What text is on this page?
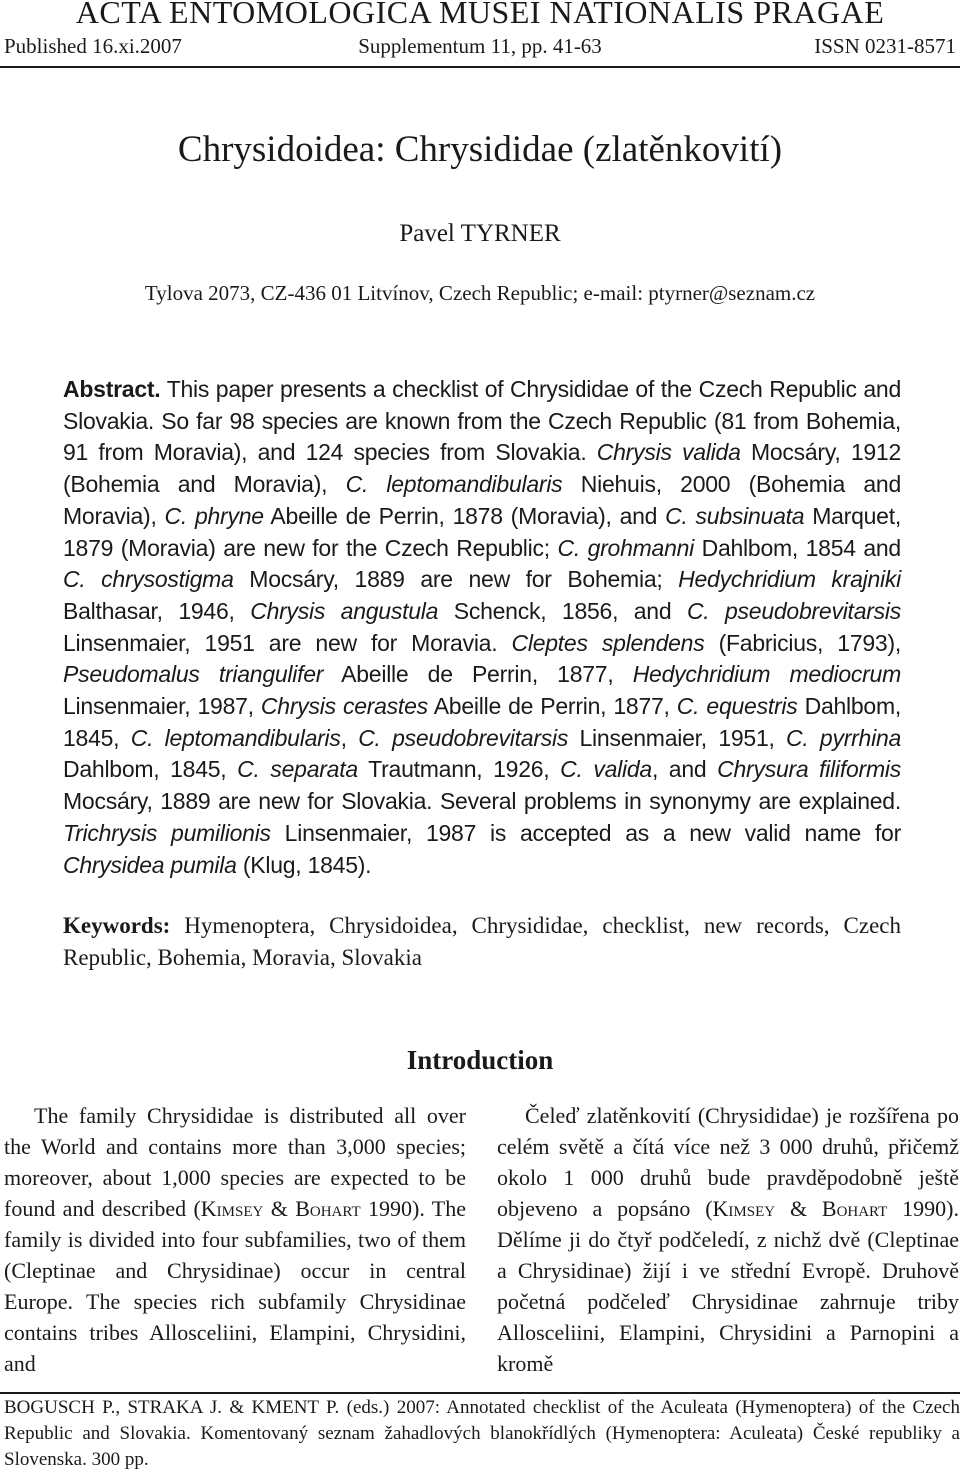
ACTA ENTOMOLOGICA MUSEI NATIONALIS PRAGAE
Published 16.xi.2007	Supplementum 11, pp. 41-63	ISSN 0231-8571
Chrysidoidea: Chrysididae (zlatěnkovití)
Pavel TYRNER
Tylova 2073, CZ-436 01 Litvínov, Czech Republic; e-mail: ptyrner@seznam.cz
Abstract. This paper presents a checklist of Chrysididae of the Czech Republic and Slovakia. So far 98 species are known from the Czech Republic (81 from Bohemia, 91 from Moravia), and 124 species from Slovakia. Chrysis valida Mocsáry, 1912 (Bohemia and Moravia), C. leptomandibularis Niehuis, 2000 (Bohemia and Moravia), C. phryne Abeille de Perrin, 1878 (Moravia), and C. subsinuata Marquet, 1879 (Moravia) are new for the Czech Republic; C. grohmanni Dahlbom, 1854 and C. chrysostigma Mocsáry, 1889 are new for Bohemia; Hedychridium krajniki Balthasar, 1946, Chrysis angustula Schenck, 1856, and C. pseudobrevitarsis Linsenmaier, 1951 are new for Moravia. Cleptes splendens (Fabricius, 1793), Pseudomalus triangulifer Abeille de Perrin, 1877, Hedychridium mediocrum Linsenmaier, 1987, Chrysis cerastes Abeille de Perrin, 1877, C. equestris Dahlbom, 1845, C. leptomandibularis, C. pseudobrevitarsis Linsenmaier, 1951, C. pyrrhina Dahlbom, 1845, C. separata Trautmann, 1926, C. valida, and Chrysura filiformis Mocsáry, 1889 are new for Slovakia. Several problems in synonymy are explained. Trichrysis pumilionis Linsenmaier, 1987 is accepted as a new valid name for Chrysidea pumila (Klug, 1845).
Keywords: Hymenoptera, Chrysidoidea, Chrysididae, checklist, new records, Czech Republic, Bohemia, Moravia, Slovakia
Introduction
The family Chrysididae is distributed all over the World and contains more than 3,000 species; moreover, about 1,000 species are expected to be found and described (Kimsey & Bohart 1990). The family is divided into four subfamilies, two of them (Cleptinae and Chrysidinae) occur in central Europe. The species rich subfamily Chrysidinae contains tribes Allosceliini, Elampini, Chrysidini, and
Čeleď zlatěnkovití (Chrysididae) je rozšířena po celém světě a čítá více než 3 000 druhů, přičemž okolo 1 000 druhů bude pravděpodobně ještě objeveno a popsáno (Kimsey & Bohart 1990). Dělíme ji do čtyř podčeledí, z nichž dvě (Cleptinae a Chrysidinae) žijí i ve střední Evropě. Druhově početná podčeleď Chrysidinae zahrnuje triby Allosceliini, Elampini, Chrysidini a Parnopini a kromě
BOGUSCH P., STRAKA J. & KMENT P. (eds.) 2007: Annotated checklist of the Aculeata (Hymenoptera) of the Czech Republic and Slovakia. Komentovaný seznam žahadlových blanokřídlých (Hymenoptera: Aculeata) České republiky a Slovenska. 300 pp.
